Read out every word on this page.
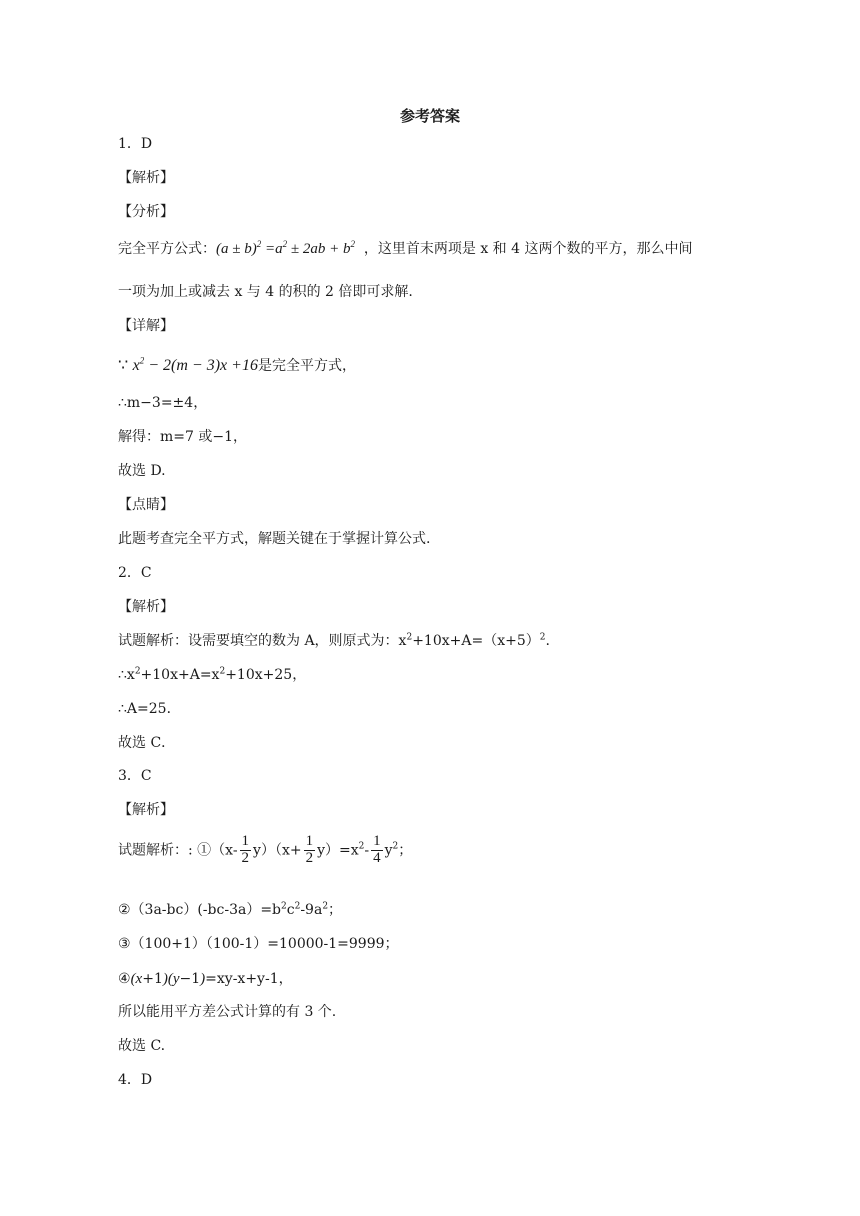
参考答案
1．D
【解析】
【分析】
完全平方公式：$(a \pm b)^2 =a^2 \pm 2ab + b^2$ ，这里首末两项是 x 和 4 这两个数的平方，那么中间
一项为加上或减去 x 与 4 的积的 2 倍即可求解.
【详解】
∵ $x^2 - 2(m - 3)x +16$是完全平方式，
∴m−3=±4，
解得：m=7 或−1，
故选 D.
【点睛】
此题考查完全平方式，解题关键在于掌握计算公式.
2．C
【解析】
试题解析：设需要填空的数为 A，则原式为：$x^2+10x+A=(x+5)^2$.
$\therefore x^2+10x+A=x^2+10x+25$，
∴A=25．
故选 C．
3．C
【解析】
试题解析：: ①（x- $\frac{1}{2} y)(x+ \frac{1}{2} y)=x^2- \frac{1}{4} y^2$；
$②(3a-bc)(-bc-3a)=b^2c^2-9a^2$；
③（100+1）（100-1）=10000-1=9999；
④(x+1)(y−1)=xy-x+y-1，
所以能用平方差公式计算的有 3 个.
故选 C.
4．D
